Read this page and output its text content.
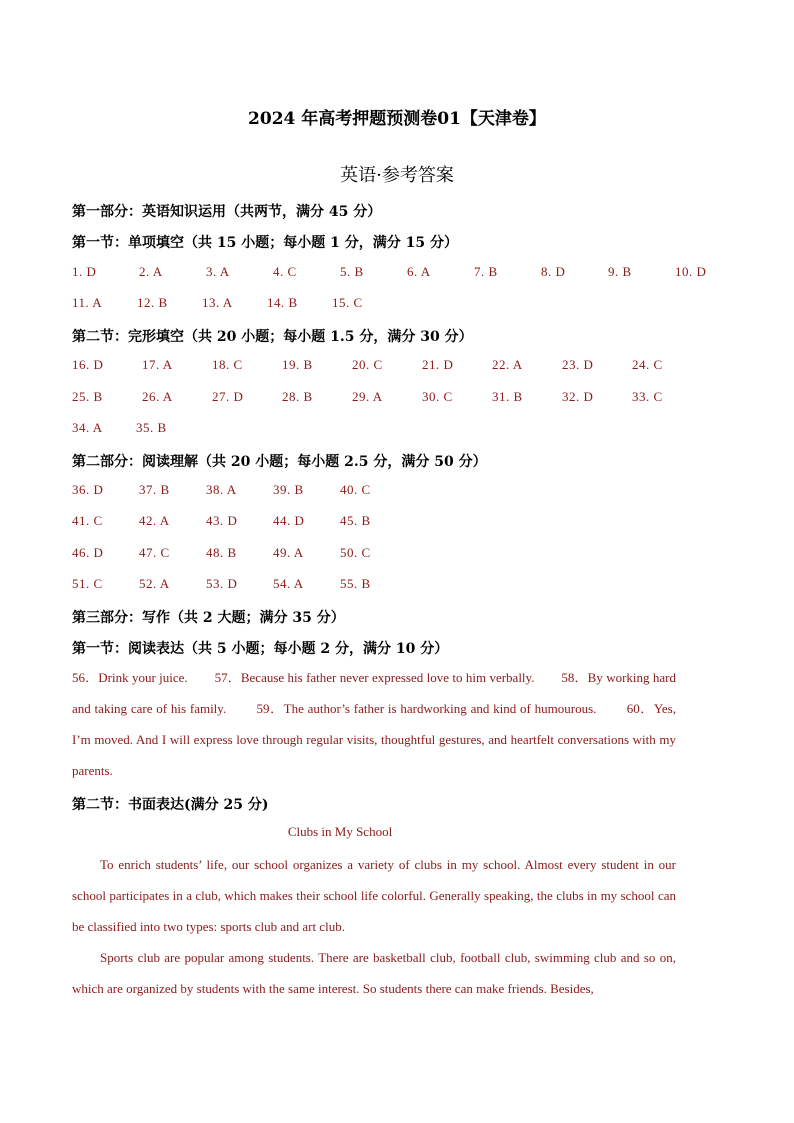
2024 年高考押题预测卷01【天津卷】
英语·参考答案
第一部分：英语知识运用（共两节，满分 45 分）
第一节：单项填空（共 15 小题；每小题 1 分，满分 15 分）
1. D	2. A	3. A	4. C	5. B	6. A	7. B	8. D	9. B	10. D
11. A	12. B	13. A	14. B	15. C
第二节：完形填空（共 20 小题；每小题 1.5 分，满分 30 分）
16. D	17. A	18. C	19. B	20. C	21. D	22. A	23. D	24. C
25. B	26. A	27. D	28. B	29. A	30. C	31. B	32. D	33. C
34. A	35. B
第二部分：阅读理解（共 20 小题；每小题 2.5 分，满分 50 分）
36. D	37. B	38. A	39. B	40. C
41. C	42. A	43. D	44. D	45. B
46. D	47. C	48. B	49. A	50. C
51. C	52. A	53. D	54. A	55. B
第三部分：写作（共 2 大题；满分 35 分）
第一节：阅读表达（共 5 小题；每小题 2 分，满分 10 分）
56．Drink your juice.        57．Because his father never expressed love to him verbally.        58．By working hard and taking care of his family.        59．The author’s father is hardworking and kind of humourous.        60．Yes, I’m moved. And I will express love through regular visits, thoughtful gestures, and heartfelt conversations with my parents.
第二节：书面表达(满分 25 分)
Clubs in My School
To enrich students’ life, our school organizes a variety of clubs in my school. Almost every student in our school participates in a club, which makes their school life colorful. Generally speaking, the clubs in my school can be classified into two types: sports club and art club.
Sports club are popular among students. There are basketball club, football club, swimming club and so on, which are organized by students with the same interest. So students there can make friends. Besides,
